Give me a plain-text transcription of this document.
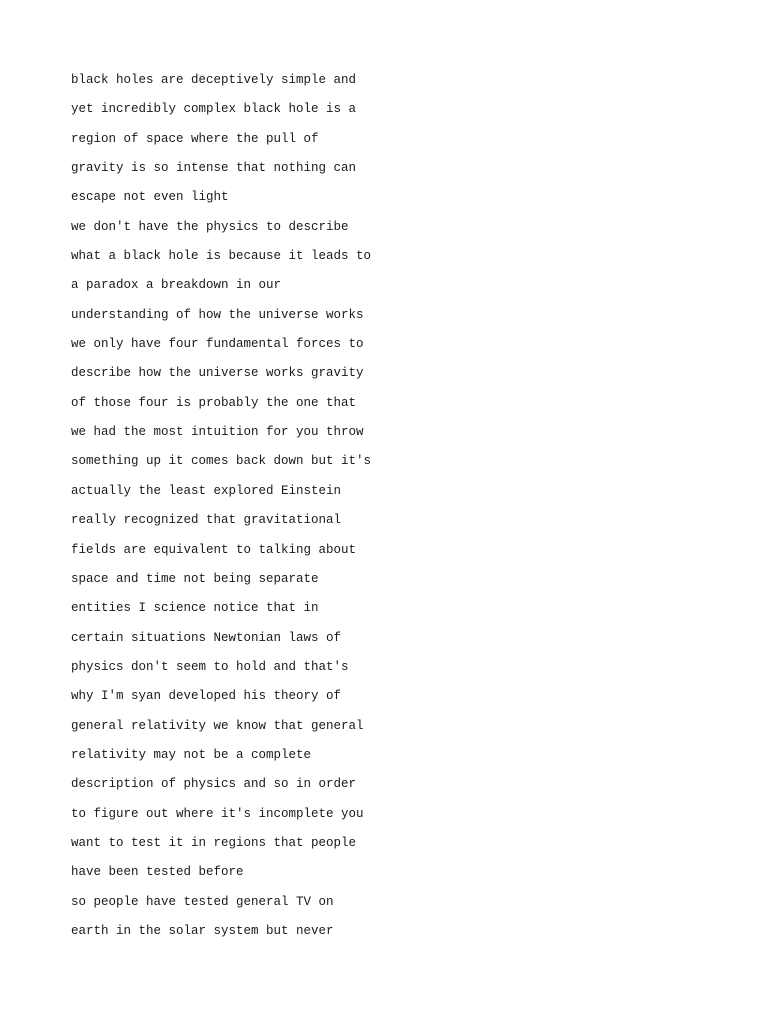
black holes are deceptively simple and
yet incredibly complex black hole is a
region of space where the pull of
gravity is so intense that nothing can
escape not even light
we don't have the physics to describe
what a black hole is because it leads to
a paradox a breakdown in our
understanding of how the universe works
we only have four fundamental forces to
describe how the universe works gravity
of those four is probably the one that
we had the most intuition for you throw
something up it comes back down but it's
actually the least explored Einstein
really recognized that gravitational
fields are equivalent to talking about
space and time not being separate
entities I science notice that in
certain situations Newtonian laws of
physics don't seem to hold and that's
why I'm syan developed his theory of
general relativity we know that general
relativity may not be a complete
description of physics and so in order
to figure out where it's incomplete you
want to test it in regions that people
have been tested before
so people have tested general TV on
earth in the solar system but never
